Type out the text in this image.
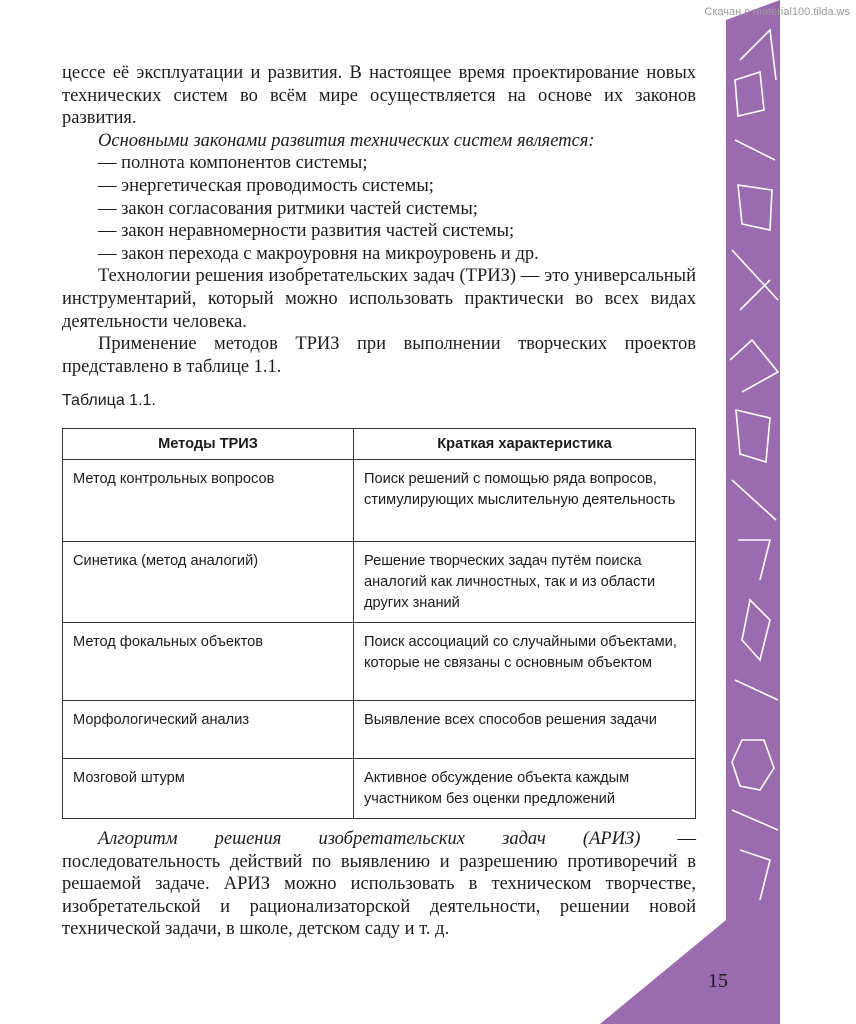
Скачан с material100.tilda.ws

цессе её эксплуатации и развития. В настоящее время проектирование новых технических систем во всём мире осуществляется на основе их законов развития.

Основными законами развития технических систем является:

— полнота компонентов системы;

— энергетическая проводимость системы;

— закон согласования ритмики частей системы;

— закон неравномерности развития частей системы;

— закон перехода с макроуровня на микроуровень и др.

Технологии решения изобретательских задач (ТРИЗ) — это универсальный инструментарий, который можно использовать практически во всех видах деятельности человека.

Применение методов ТРИЗ при выполнении творческих проектов представлено в таблице 1.1.

Таблица 1.1.
Методы ТРИЗ	Краткая характеристика
Метод контрольных вопросов	Поиск решений с помощью ряда вопросов, стимулирующих мыслительную деятельность
Синетика (метод аналогий)	Решение творческих задач путём поиска аналогий как личностных, так и из области других знаний
Метод фокальных объектов	Поиск ассоциаций со случайными объектами, которые не связаны с основным объектом
Морфологический анализ	Выявление всех способов решения задачи
Мозговой штурм	Активное обсуждение объекта каждым участником без оценки предложений

Алгоритм решения изобретательских задач (АРИЗ) — последовательность действий по выявлению и разрешению противоречий в решаемой задаче. АРИЗ можно использовать в техническом творчестве, изобретательской и рационализаторской деятельности, решении новой технической задачи, в школе, детском саду и т. д.

15
